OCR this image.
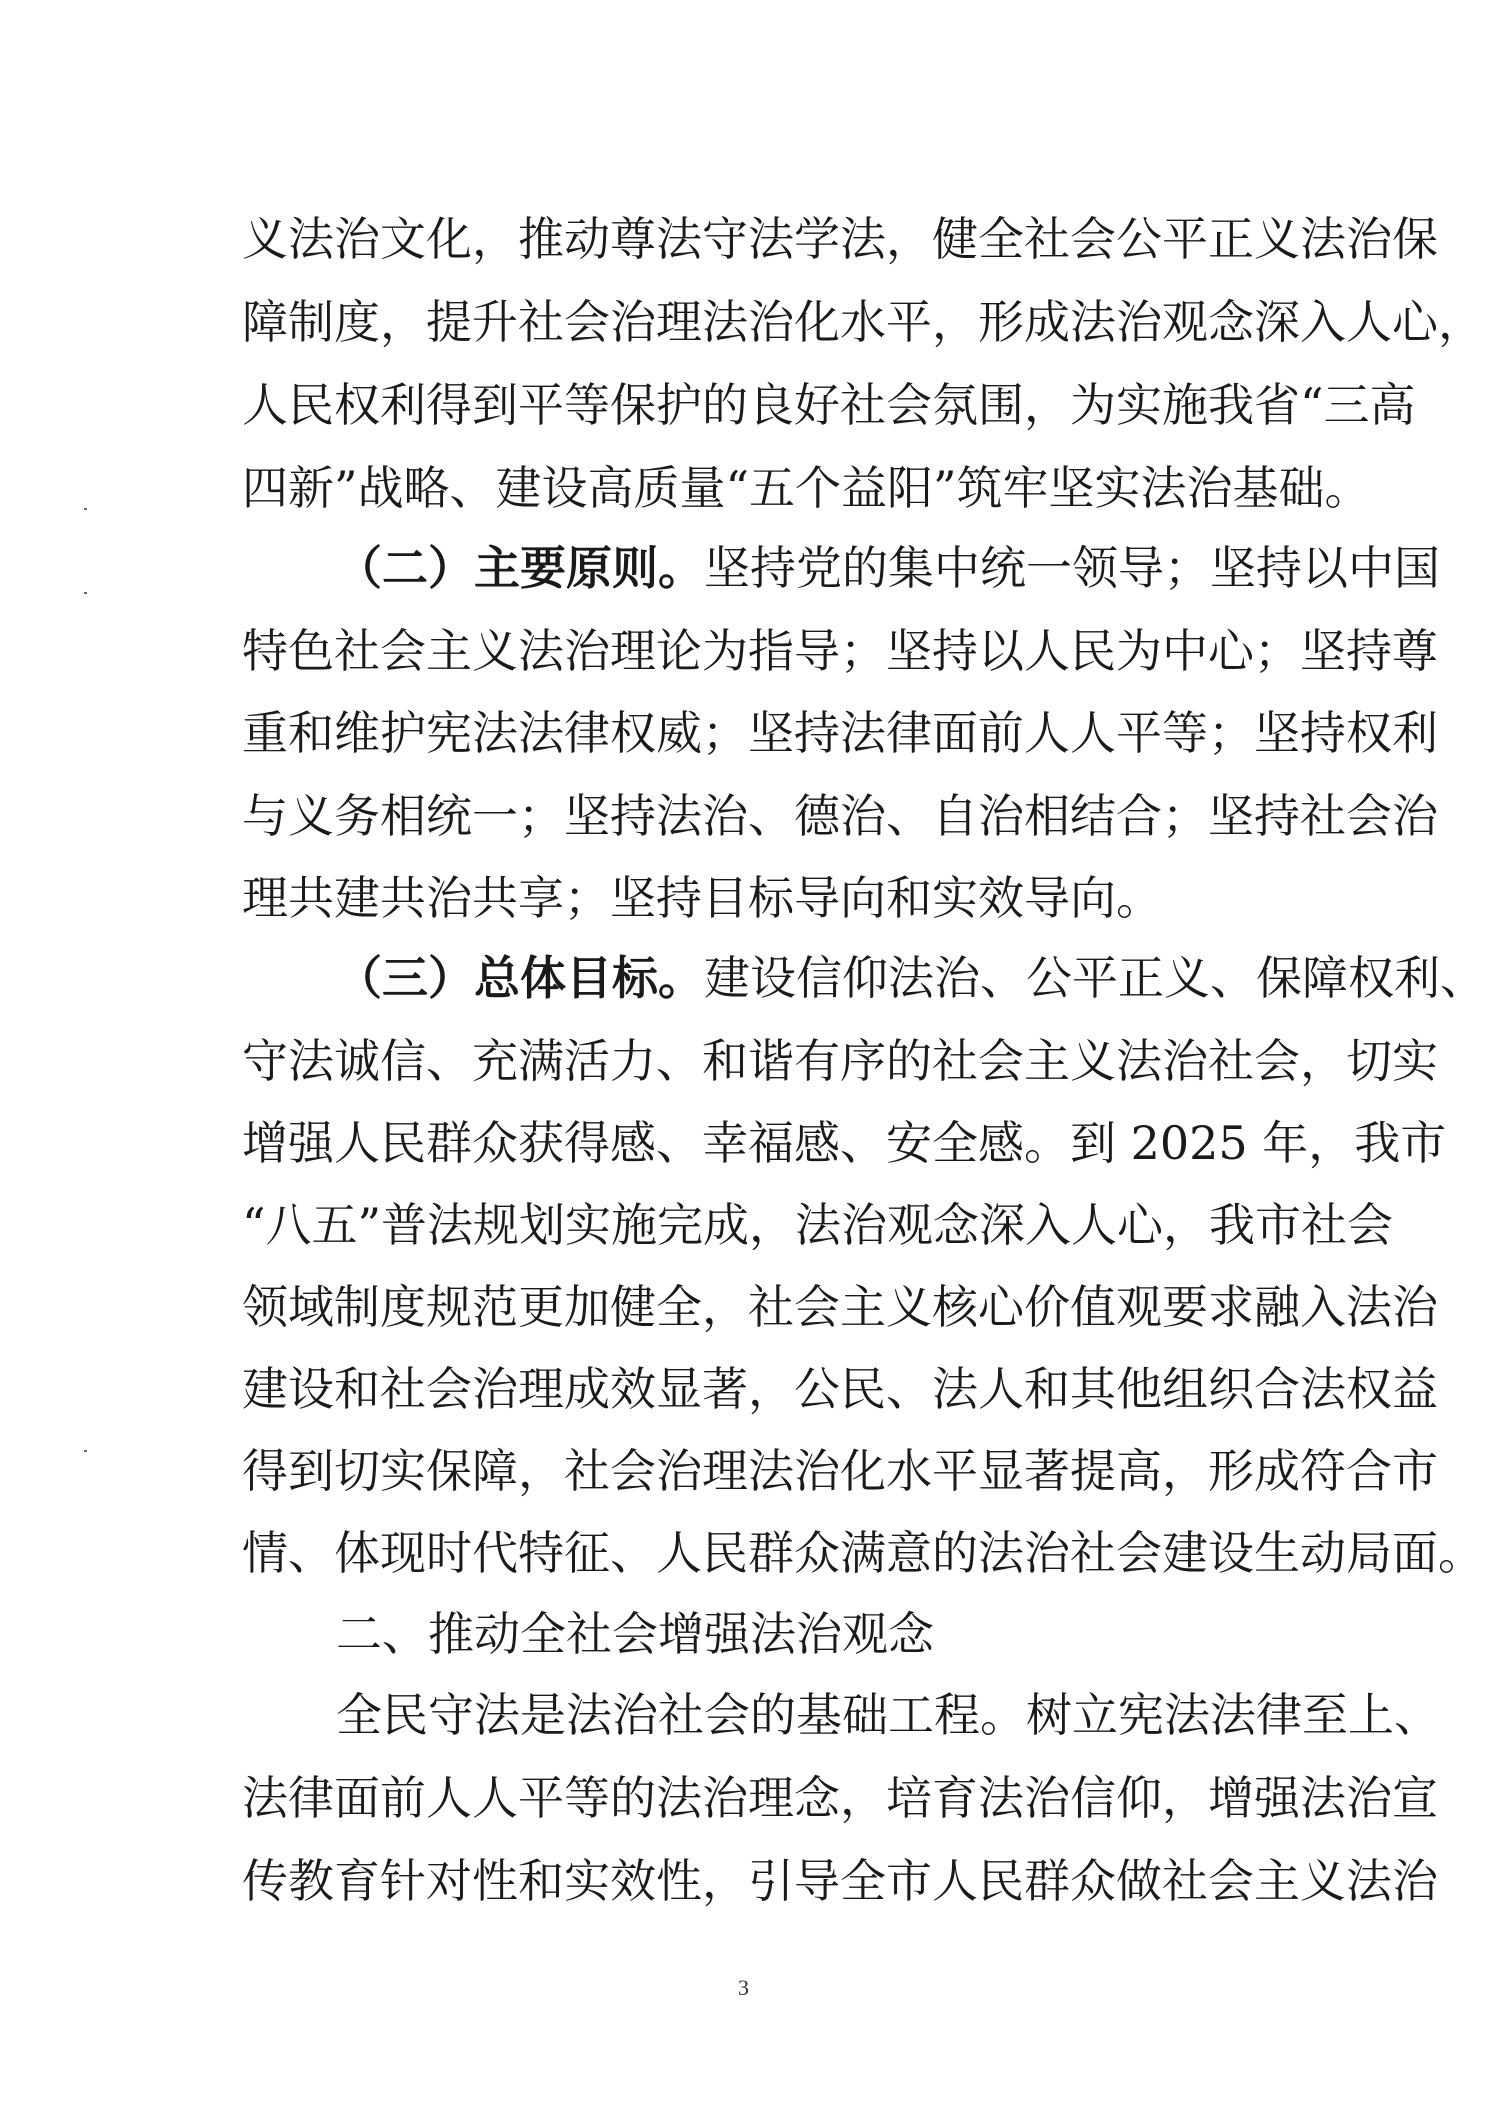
义法治文化，推动尊法守法学法，健全社会公平正义法治保
障制度，提升社会治理法治化水平，形成法治观念深入人心，
人民权利得到平等保护的良好社会氛围，为实施我省“三高
四新”战略、建设高质量“五个益阳”筑牢坚实法治基础。
（二）主要原则。坚持党的集中统一领导；坚持以中国
特色社会主义法治理论为指导；坚持以人民为中心；坚持尊
重和维护宪法法律权威；坚持法律面前人人平等；坚持权利
与义务相统一；坚持法治、德治、自治相结合；坚持社会治
理共建共治共享；坚持目标导向和实效导向。
（三）总体目标。建设信仰法治、公平正义、保障权利、
守法诚信、充满活力、和谐有序的社会主义法治社会，切实
增强人民群众获得感、幸福感、安全感。到 2025 年，我市
“八五”普法规划实施完成，法治观念深入人心，我市社会
领域制度规范更加健全，社会主义核心价值观要求融入法治
建设和社会治理成效显著，公民、法人和其他组织合法权益
得到切实保障，社会治理法治化水平显著提高，形成符合市
情、体现时代特征、人民群众满意的法治社会建设生动局面。
二、推动全社会增强法治观念
全民守法是法治社会的基础工程。树立宪法法律至上、
法律面前人人平等的法治理念，培育法治信仰，增强法治宣
传教育针对性和实效性，引导全市人民群众做社会主义法治
3
